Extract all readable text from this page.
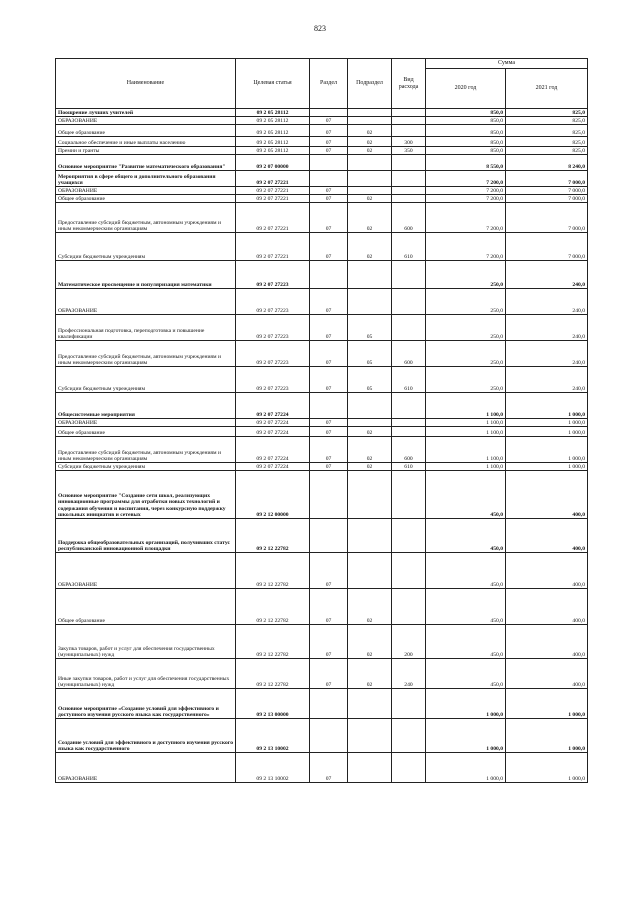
823
Наименование	Целевая статья	Раздел	Подраздел	Вид расхода	Сумма	
					2020 год	2021 год
Поощрение лучших учителей	09 2 05 28112				850,0	825,0
ОБРАЗОВАНИЕ	09 2 05 28112	07			850,0	825,0
Общее образование	09 2 05 28112	07	02		850,0	825,0
Социальное обеспечение и иные выплаты населению	09 2 05 28112	07	02	300	850,0	825,0
Премии и гранты	09 2 05 28112	07	02	350	850,0	825,0
Основное мероприятие "Развитие математического образования"	09 2 07 00000				8 550,0	8 240,0
Мероприятия в сфере общего и дополнительного образования учащихся	09 2 07 27221				7 200,0	7 000,0
ОБРАЗОВАНИЕ	09 2 07 27221	07			7 200,0	7 000,0
Общее образование	09 2 07 27221	07	02		7 200,0	7 000,0
Предоставление субсидий бюджетным, автономным учреждениям и иным некоммерческим организациям	09 2 07 27221	07	02	600	7 200,0	7 000,0
Субсидии бюджетным учреждениям	09 2 07 27221	07	02	610	7 200,0	7 000,0
Математическое просвещение и популяризация математики	09 2 07 27223				250,0	240,0
ОБРАЗОВАНИЕ	09 2 07 27223	07			250,0	240,0
Профессиональная подготовка, переподготовка и повышение квалификации	09 2 07 27223	07	05		250,0	240,0
Предоставление субсидий бюджетным, автономным учреждениям и иным некоммерческим организациям	09 2 07 27223	07	05	600	250,0	240,0
Субсидии бюджетным учреждениям	09 2 07 27223	07	05	610	250,0	240,0
Общесистемные мероприятия	09 2 07 27224				1 100,0	1 000,0
ОБРАЗОВАНИЕ	09 2 07 27224	07			1 100,0	1 000,0
Общее образование	09 2 07 27224	07	02		1 100,0	1 000,0
Предоставление субсидий бюджетным, автономным учреждениям и иным некоммерческим организациям	09 2 07 27224	07	02	600	1 100,0	1 000,0
Субсидии бюджетным учреждениям	09 2 07 27224	07	02	610	1 100,0	1 000,0
Основное мероприятие "Создание сети школ, реализующих инновационные программы для отработки новых технологий и содержания обучения и воспитания, через конкурсную поддержку школьных инициатив и сетевых	09 2 12 00000				450,0	400,0
Поддержка общеобразовательных организаций, получивших статус республиканской инновационной площадки	09 2 12 22782				450,0	400,0
ОБРАЗОВАНИЕ	09 2 12 22782	07			450,0	400,0
Общее образование	09 2 12 22782	07	02		450,0	400,0
Закупка товаров, работ и услуг для обеспечения государственных (муниципальных) нужд	09 2 12 22782	07	02	200	450,0	400,0
Иные закупки товаров, работ и услуг для обеспечения государственных (муниципальных) нужд	09 2 12 22782	07	02	240	450,0	400,0
Основное мероприятие «Создание условий для эффективного и доступного изучения русского языка как государственного»	09 2 13 00000				1 000,0	1 000,0
Создание условий для эффективного и доступного изучения русского языка как государственного	09 2 13 10002				1 000,0	1 000,0
ОБРАЗОВАНИЕ	09 2 13 10002	07			1 000,0	1 000,0
